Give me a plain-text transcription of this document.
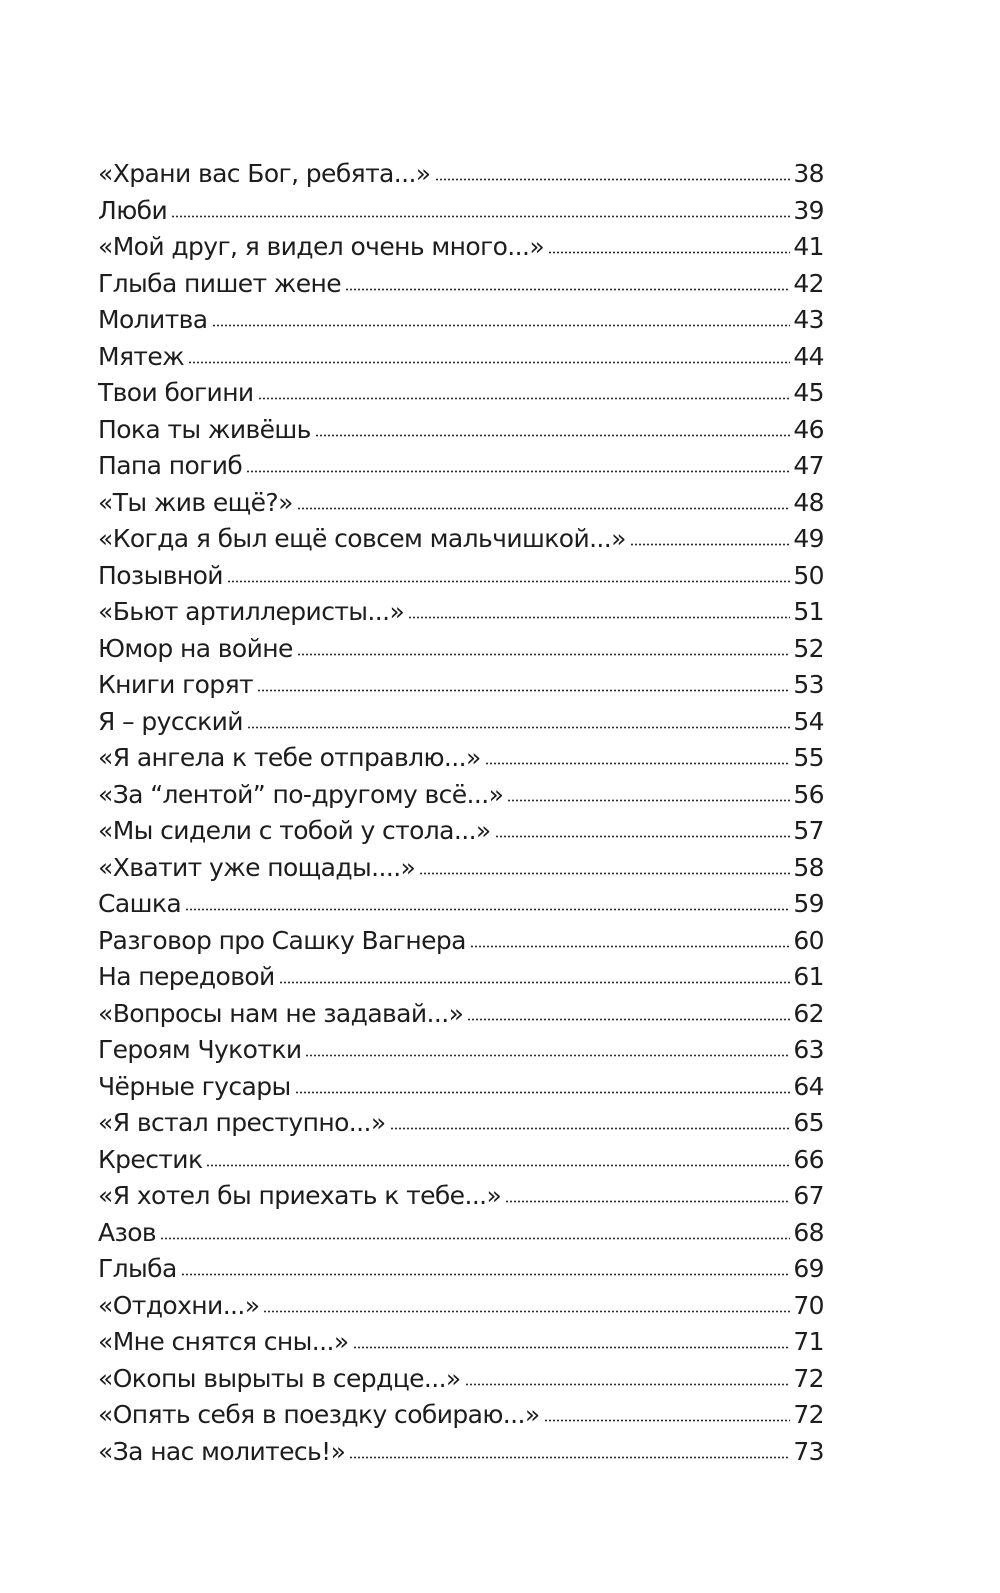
«Храни вас Бог, ребята...»	38
Люби	39
«Мой друг, я видел очень много...»	41
Глыба пишет жене	42
Молитва	43
Мятеж	44
Твои богини	45
Пока ты живёшь	46
Папа погиб	47
«Ты жив ещё?»	48
«Когда я был ещё совсем мальчишкой...»	49
Позывной	50
«Бьют артиллеристы...»	51
Юмор на войне	52
Книги горят	53
Я – русский	54
«Я ангела к тебе отправлю...»	55
«За “лентой” по-другому всё...»	56
«Мы сидели с тобой у стола...»	57
«Хватит уже пощады....»	58
Сашка	59
Разговор про Сашку Вагнера	60
На передовой	61
«Вопросы нам не задавай...»	62
Героям Чукотки	63
Чёрные гусары	64
«Я встал преступно...»	65
Крестик	66
«Я хотел бы приехать к тебе...»	67
Азов	68
Глыба	69
«Отдохни...»	70
«Мне снятся сны...»	71
«Окопы вырыты в сердце...»	72
«Опять себя в поездку собираю...»	72
«За нас молитесь!»	73
